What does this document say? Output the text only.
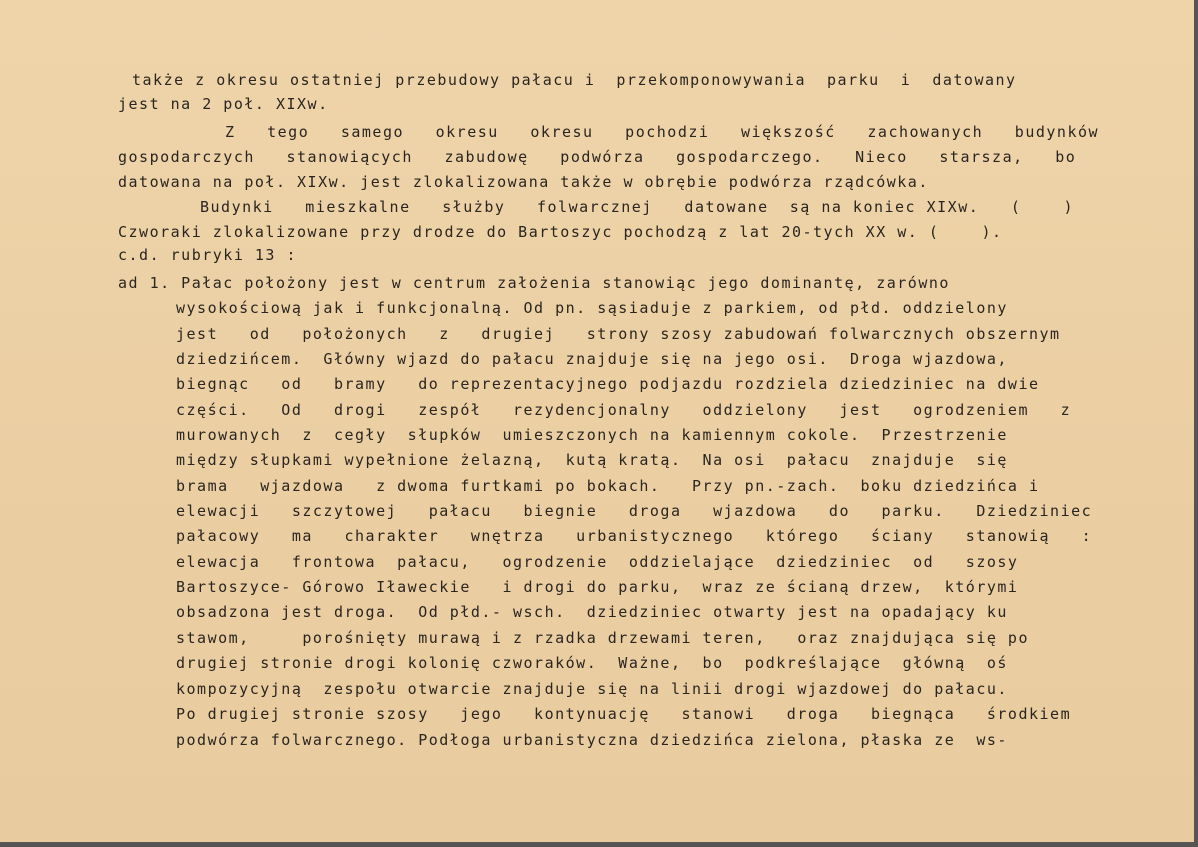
także z okresu ostatniej przebudowy pałacu i  przekomponowywania  parku  i  datowany
jest na 2 poł. XIXw.
Z   tego   samego   okresu   okresu   pochodzi   większość   zachowanych   budynków
gospodarczych   stanowiących   zabudowę   podwórza   gospodarczego.   Nieco   starsza,   bo
datowana na poł. XIXw. jest zlokalizowana także w obrębie podwórza rządcówka.
Budynki   mieszkalne   służby   folwarcznej   datowane  są na koniec XIXw.   (    )
Czworaki zlokalizowane przy drodze do Bartoszyc pochodzą z lat 20-tych XX w. (    ).
c.d. rubryki 13 :
ad 1. Pałac położony jest w centrum założenia stanowiąc jego dominantę, zarówno
wysokościową jak i funkcjonalną. Od pn. sąsiaduje z parkiem, od płd. oddzielony
jest   od   położonych   z   drugiej   strony szosy zabudowań folwarcznych obszernym
dziedzińcem.  Główny wjazd do pałacu znajduje się na jego osi.  Droga wjazdowa,
biegnąc   od   bramy   do reprezentacyjnego podjazdu rozdziela dziedziniec na dwie
części.   Od   drogi   zespół   rezydencjonalny   oddzielony   jest   ogrodzeniem   z
murowanych  z  cegły  słupków  umieszczonych na kamiennym cokole.  Przestrzenie
między słupkami wypełnione żelazną,  kutą kratą.  Na osi  pałacu  znajduje  się
brama   wjazdowa   z dwoma furtkami po bokach.   Przy pn.-zach.  boku dziedzińca i
elewacji   szczytowej   pałacu   biegnie   droga   wjazdowa   do   parku.   Dziedziniec
pałacowy   ma   charakter   wnętrza   urbanistycznego   którego   ściany   stanowią   :
elewacja   frontowa  pałacu,   ogrodzenie  oddzielające  dziedziniec  od   szosy
Bartoszyce- Górowo Iławeckie   i drogi do parku,  wraz ze ścianą drzew,  którymi
obsadzona jest droga.  Od płd.- wsch.  dziedziniec otwarty jest na opadający ku
stawom,     porośnięty murawą i z rzadka drzewami teren,   oraz znajdująca się po
drugiej stronie drogi kolonię czworaków.  Ważne,  bo  podkreślające  główną  oś
kompozycyjną  zespołu otwarcie znajduje się na linii drogi wjazdowej do pałacu.
Po drugiej stronie szosy   jego   kontynuację   stanowi   droga   biegnąca   środkiem
podwórza folwarcznego. Podłoga urbanistyczna dziedzińca zielona, płaska ze  ws-
